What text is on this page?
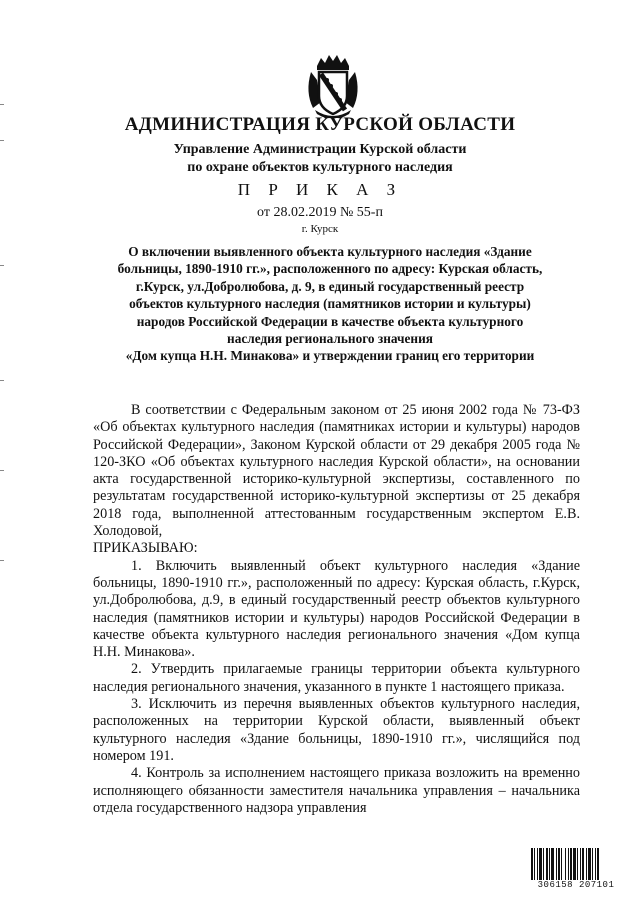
АДМИНИСТРАЦИЯ КУРСКОЙ ОБЛАСТИ
Управление Администрации Курской области
по охране объектов культурного наследия
П Р И К А З
от 28.02.2019 № 55-п
г. Курск
О включении выявленного объекта культурного наследия «Здание
больницы, 1890-1910 гг.», расположенного по адресу: Курская область,
г.Курск, ул.Добролюбова, д. 9, в единый государственный реестр
объектов культурного наследия (памятников истории и культуры)
народов Российской Федерации в качестве объекта культурного
наследия регионального значения
«Дом купца Н.Н. Минакова» и утверждении границ его территории

В соответствии с Федеральным законом от 25 июня 2002 года № 73-ФЗ «Об объектах культурного наследия (памятниках истории и культуры) народов Российской Федерации», Законом Курской области от 29 декабря 2005 года № 120-ЗКО «Об объектах культурного наследия Курской области», на основании акта государственной историко-культурной экспертизы, составленного по результатам государственной историко-культурной экспертизы от 25 декабря 2018 года, выполненной аттестованным государственным экспертом Е.В. Холодовой,

ПРИКАЗЫВАЮ:

1. Включить выявленный объект культурного наследия «Здание больницы, 1890-1910 гг.», расположенный по адресу: Курская область, г.Курск, ул.Добролюбова, д.9, в единый государственный реестр объектов культурного наследия (памятников истории и культуры) народов Российской Федерации в качестве объекта культурного наследия регионального значения «Дом купца Н.Н. Минакова».

2. Утвердить прилагаемые границы территории объекта культурного наследия регионального значения, указанного в пункте 1 настоящего приказа.

3. Исключить из перечня выявленных объектов культурного наследия, расположенных на территории Курской области, выявленный объект культурного наследия «Здание больницы, 1890-1910 гг.», числящийся под номером 191.

4. Контроль за исполнением настоящего приказа возложить на временно исполняющего обязанности заместителя начальника управления – начальника отдела государственного надзора управления

306158 207101
